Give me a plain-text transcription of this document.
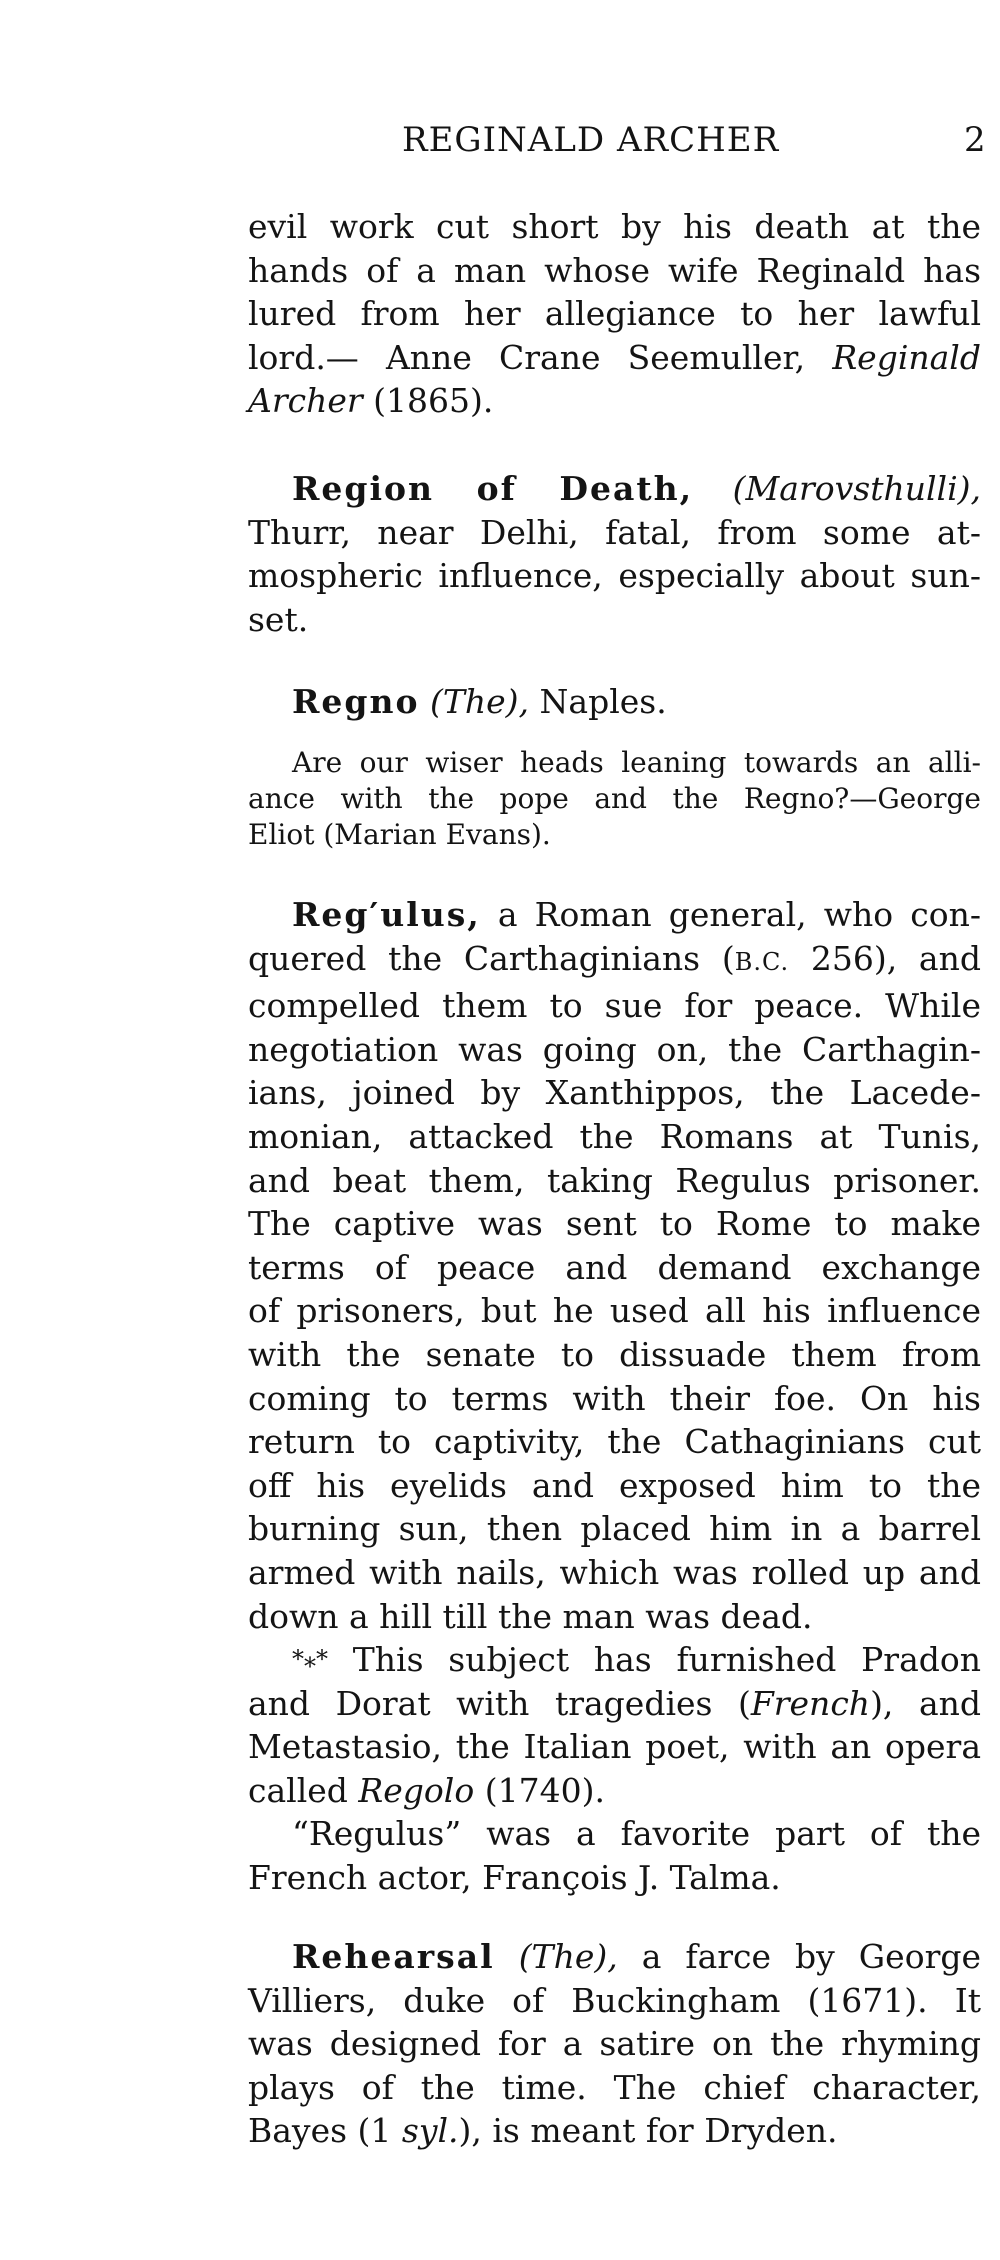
REGINALD ARCHER	2
evil work cut short by his death at the
hands of a man whose wife Reginald has
lured from her allegiance to her lawful
lord.— Anne Crane Seemuller, Reginald
Archer (1865).
Region of Death, (Marovsthulli),
Thurr, near Delhi, fatal, from some at-
mospheric influence, especially about sun-
set.
Regno (The), Naples.
Are our wiser heads leaning towards an alli-
ance with the pope and the Regno?—George
Eliot (Marian Evans).
Reg′ulus, a Roman general, who con-
quered the Carthaginians (B.C. 256), and
compelled them to sue for peace. While
negotiation was going on, the Carthagin-
ians, joined by Xanthippos, the Lacede-
monian, attacked the Romans at Tunis,
and beat them, taking Regulus prisoner.
The captive was sent to Rome to make
terms of peace and demand exchange
of prisoners, but he used all his influence
with the senate to dissuade them from
coming to terms with their foe. On his
return to captivity, the Cathaginians cut
off his eyelids and exposed him to the
burning sun, then placed him in a barrel
armed with nails, which was rolled up and
down a hill till the man was dead.
*⁎* This subject has furnished Pradon
and Dorat with tragedies (French), and
Metastasio, the Italian poet, with an opera
called Regolo (1740).
“Regulus” was a favorite part of the
French actor, François J. Talma.
Rehearsal (The), a farce by George
Villiers, duke of Buckingham (1671). It
was designed for a satire on the rhyming
plays of the time. The chief character,
Bayes (1 syl.), is meant for Dryden.
